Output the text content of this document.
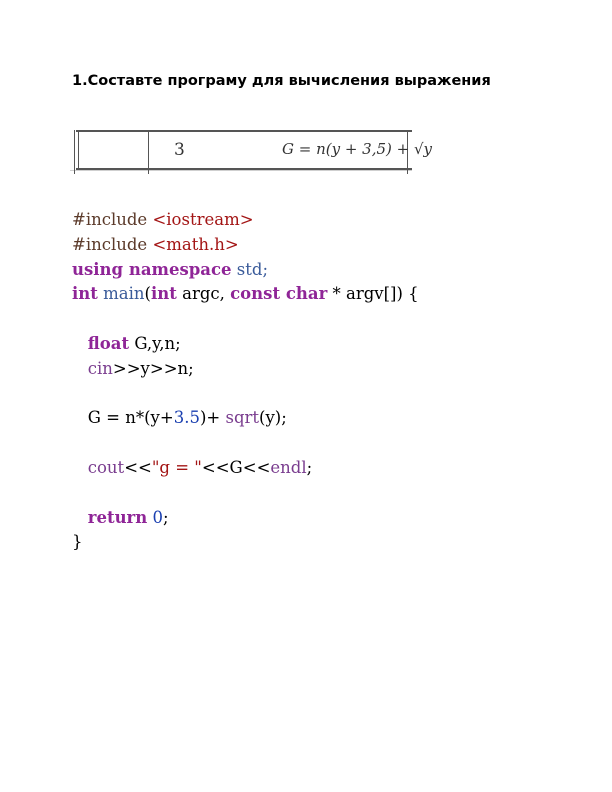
1.Составте програму для вычисления выражения
3	G = n(y + 3,5) + √y
#include <iostream>
#include <math.h>
using namespace std;
int main(int argc, const char * argv[]) {
float G,y,n;
cin>>y>>n;
G = n*(y+3.5)+ sqrt(y);
cout<<"g = "<<G<<endl;
return 0;
}
